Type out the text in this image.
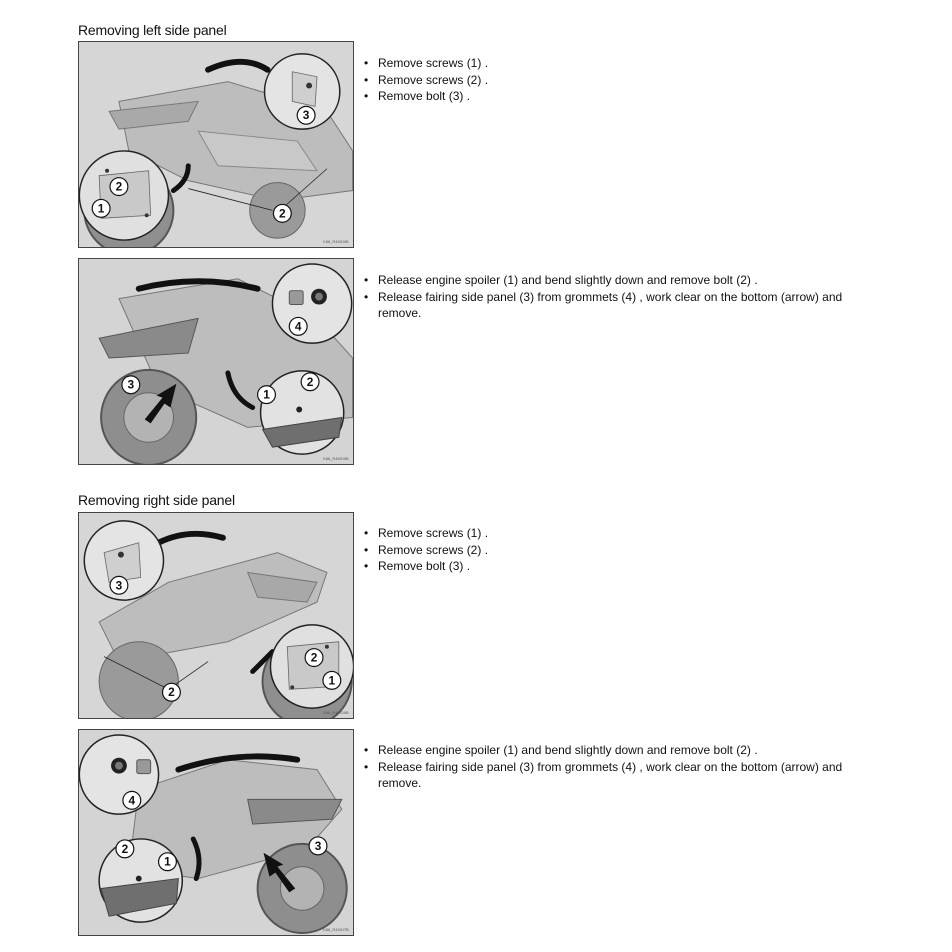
Removing left side panel
1
2
2
3
K66_R45IO0B
• Remove screws (1) .
• Remove screws (2) .
• Remove bolt (3) .
1
2
3
4
K66_R45IO0B
• Release engine spoiler (1) and bend slightly down and remove bolt (2) .
• Release fairing side panel (3) from grommets (4) , work clear on the bottom (arrow) and remove.
Removing right side panel
1
2
2
3
K66_R45IO0B
• Remove screws (1) .
• Remove screws (2) .
• Remove bolt (3) .
1
2	3
4
K66_R45IO7B
• Release engine spoiler (1) and bend slightly down and remove bolt (2) .
• Release fairing side panel (3) from grommets (4) , work clear on the bottom (arrow) and remove.
